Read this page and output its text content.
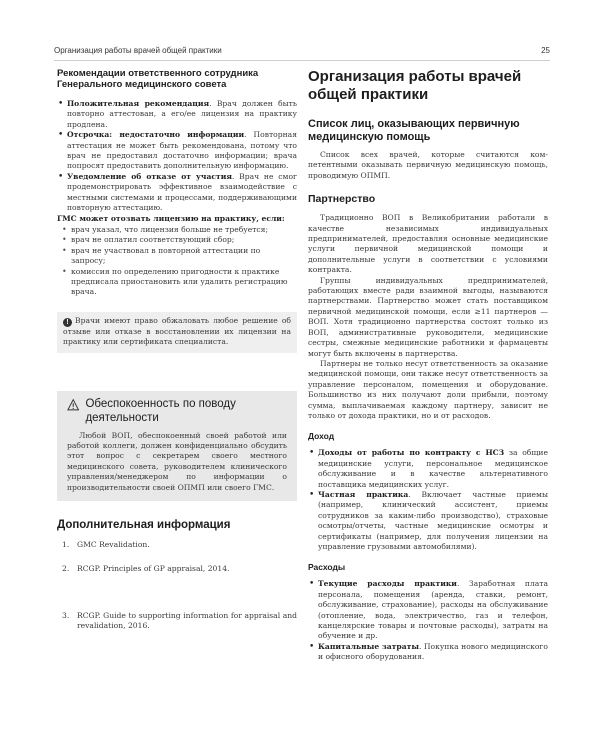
Организация работы врачей общей практики	25
Рекомендации ответственного сотрудника Генерального медицинского совета
• Положительная рекомендация. Врач должен быть повторно аттестован, а его/ее лицензия на практику продлена.
• Отсрочка: недостаточно информации. Повторная аттестация не может быть рекомендована, потому что врач не предоставил достаточно информации; врача попросят предоставить дополнительную информацию.
• Уведомление об отказе от участия. Врач не смог продемонстрировать эффективное взаимодействие с местными системами и процессами, поддерживающими повторную аттестацию.

ГМС может отозвать лицензию на практику, если:

• врач указал, что лицензия больше не требуется;
• врач не оплатил соответствующий сбор;
• врач не участвовал в повторной аттестации по запросу;
• комиссия по определению пригодности к практике предписала приостановить или удалить регистрацию врача.

! Врачи имеют право обжаловать любое решение об отзыве или отказе в восстановлении их лицензии на практику или сертификата специалиста.

Обеспокоенность по поводу деятельности

Любой ВОП, обеспокоенный своей работой или работой коллеги, должен конфиденциально обсудить этот вопрос с секретарем своего местного медицинского совета, руководителем клинического управления/менеджером по информации о производительности своей ОПМП или своего ГМС.

Дополнительная информация
1. GMC Revalidation.
2. RCGP. Principles of GP appraisal, 2014.
3. RCGP. Guide to supporting information for appraisal and revalidation, 2016.
Организация работы врачей общей практики
Список лиц, оказывающих первичную медицинскую помощь

Список всех врачей, которые считаются компетентными оказывать первичную медицинскую помощь, проводимую ОПМП.

Партнерство

Традиционно ВОП в Великобритании работали в качестве независимых индивидуальных предпринимателей, предоставляя основные медицинские услуги первичной медицинской помощи и дополнительные услуги в соответствии с условиями контракта.

Группы индивидуальных предпринимателей, работающих вместе ради взаимной выгоды, называются партнерствами. Партнерство может стать поставщиком первичной медицинской помощи, если ≥11 партнеров — ВОП. Хотя традиционно партнерства состоят только из ВОП, административные руководители, медицинские сестры, смежные медицинские работники и фармацевты могут быть включены в партнерства.

Партнеры не только несут ответственность за оказание медицинской помощи, они также несут ответственность за управление персоналом, помещения и оборудование. Большинство из них получают доли прибыли, поэтому сумма, выплачиваемая каждому партнеру, зависит не только от дохода практики, но и от расходов.

Доход
• Доходы от работы по контракту с НСЗ за общие медицинские услуги, персональное медицинское обслуживание и в качестве альтернативного поставщика медицинских услуг.
• Частная практика. Включает частные приемы (например, клинический ассистент, приемы сотрудников за каким-либо производство), страховые осмотры/отчеты, частные медицинские осмотры и сертификаты (например, для получения лицензии на управление грузовыми автомобилями).
Расходы
• Текущие расходы практики. Заработная плата персонала, помещения (аренда, ставки, ремонт, обслуживание, страхование), расходы на обслуживание (отопление, вода, электричество, газ и телефон, канцелярские товары и почтовые расходы), затраты на обучение и др.
• Капитальные затраты. Покупка нового медицинского и офисного оборудования.
